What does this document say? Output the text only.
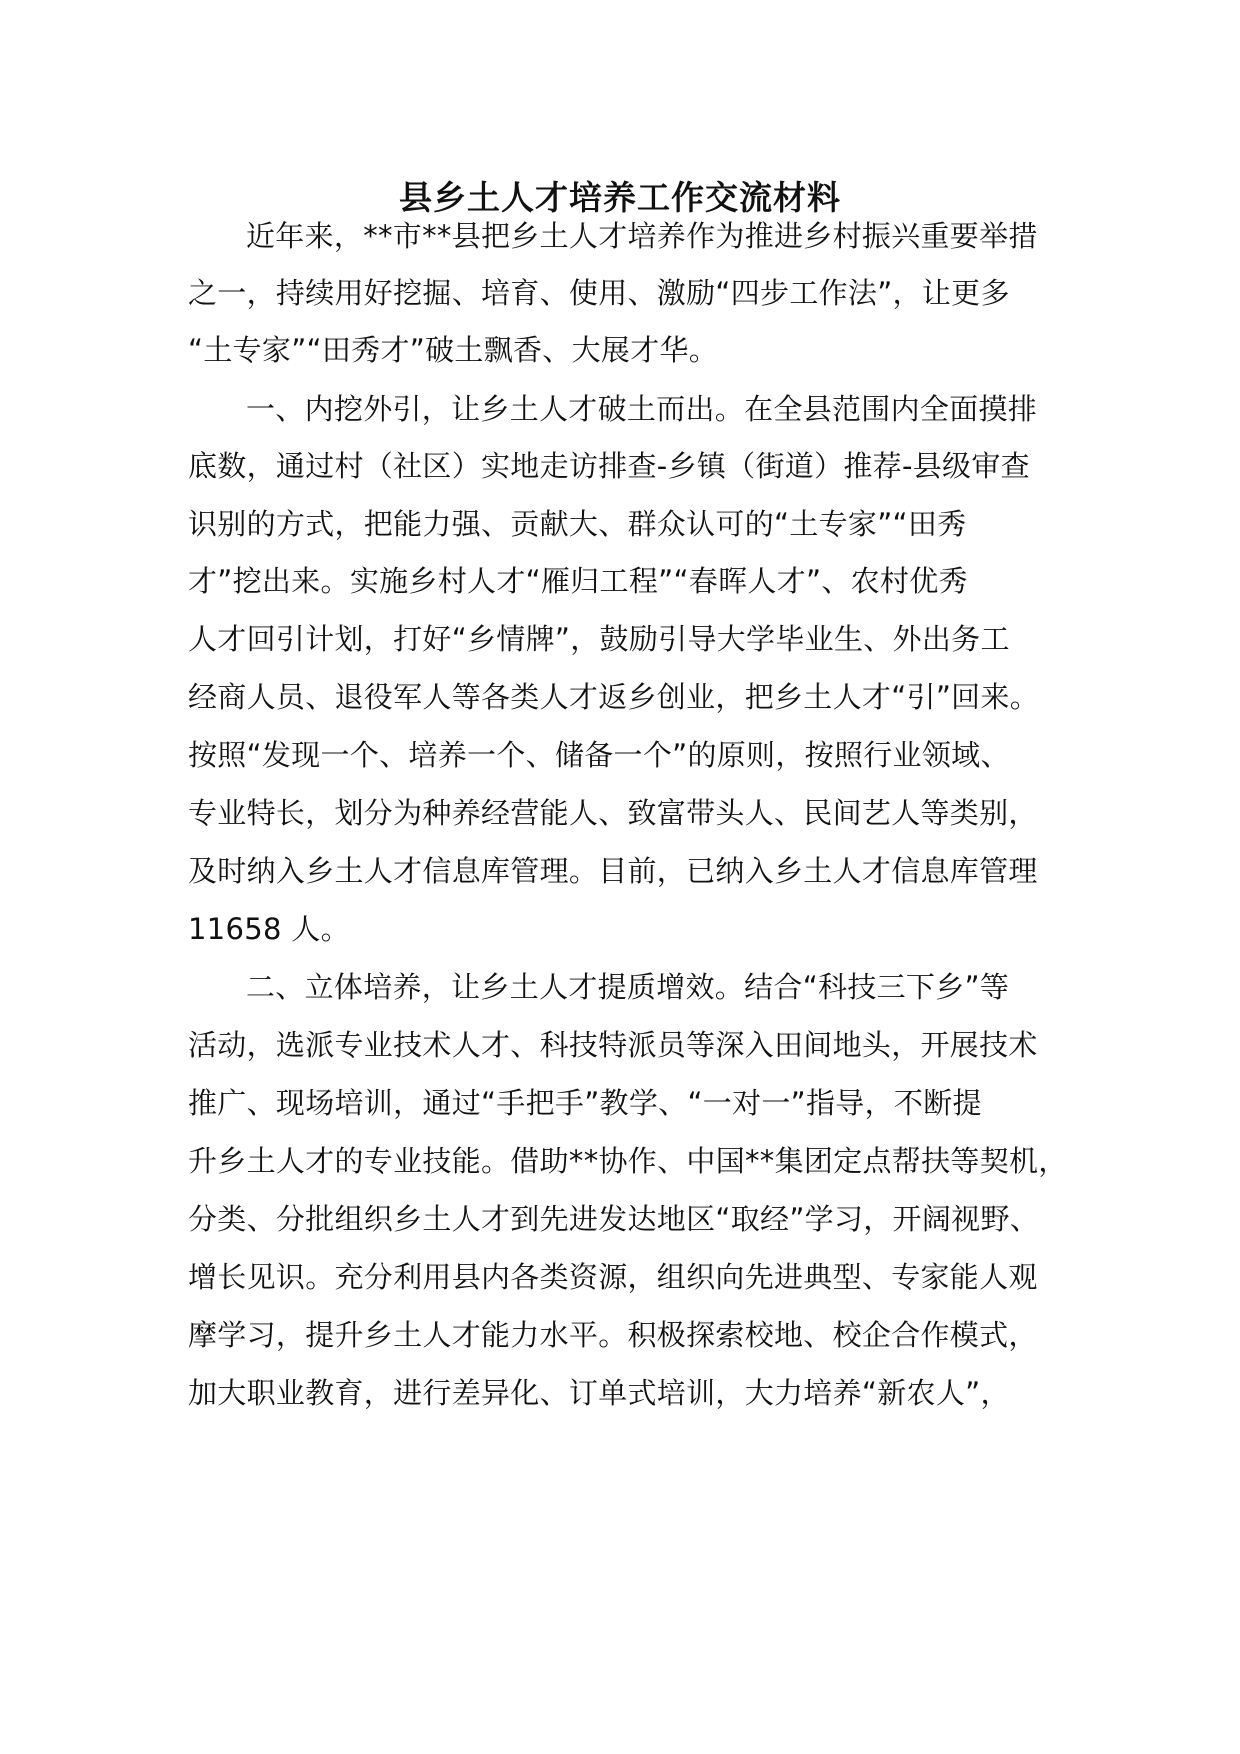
县乡土人才培养工作交流材料
近年来，**市**县把乡土人才培养作为推进乡村振兴重要举措
之一，持续用好挖掘、培育、使用、激励“四步工作法”，让更多
“土专家”“田秀才”破土飘香、大展才华。
一、内挖外引，让乡土人才破土而出。在全县范围内全面摸排
底数，通过村（社区）实地走访排查-乡镇（街道）推荐-县级审查
识别的方式，把能力强、贡献大、群众认可的“土专家”“田秀
才”挖出来。实施乡村人才“雁归工程”“春晖人才”、农村优秀
人才回引计划，打好“乡情牌”，鼓励引导大学毕业生、外出务工
经商人员、退役军人等各类人才返乡创业，把乡土人才“引”回来。
按照“发现一个、培养一个、储备一个”的原则，按照行业领域、
专业特长，划分为种养经营能人、致富带头人、民间艺人等类别，
及时纳入乡土人才信息库管理。目前，已纳入乡土人才信息库管理
11658 人。
二、立体培养，让乡土人才提质增效。结合“科技三下乡”等
活动，选派专业技术人才、科技特派员等深入田间地头，开展技术
推广、现场培训，通过“手把手”教学、“一对一”指导，不断提
升乡土人才的专业技能。借助**协作、中国**集团定点帮扶等契机，
分类、分批组织乡土人才到先进发达地区“取经”学习，开阔视野、
增长见识。充分利用县内各类资源，组织向先进典型、专家能人观
摩学习，提升乡土人才能力水平。积极探索校地、校企合作模式，
加大职业教育，进行差异化、订单式培训，大力培养“新农人”，
